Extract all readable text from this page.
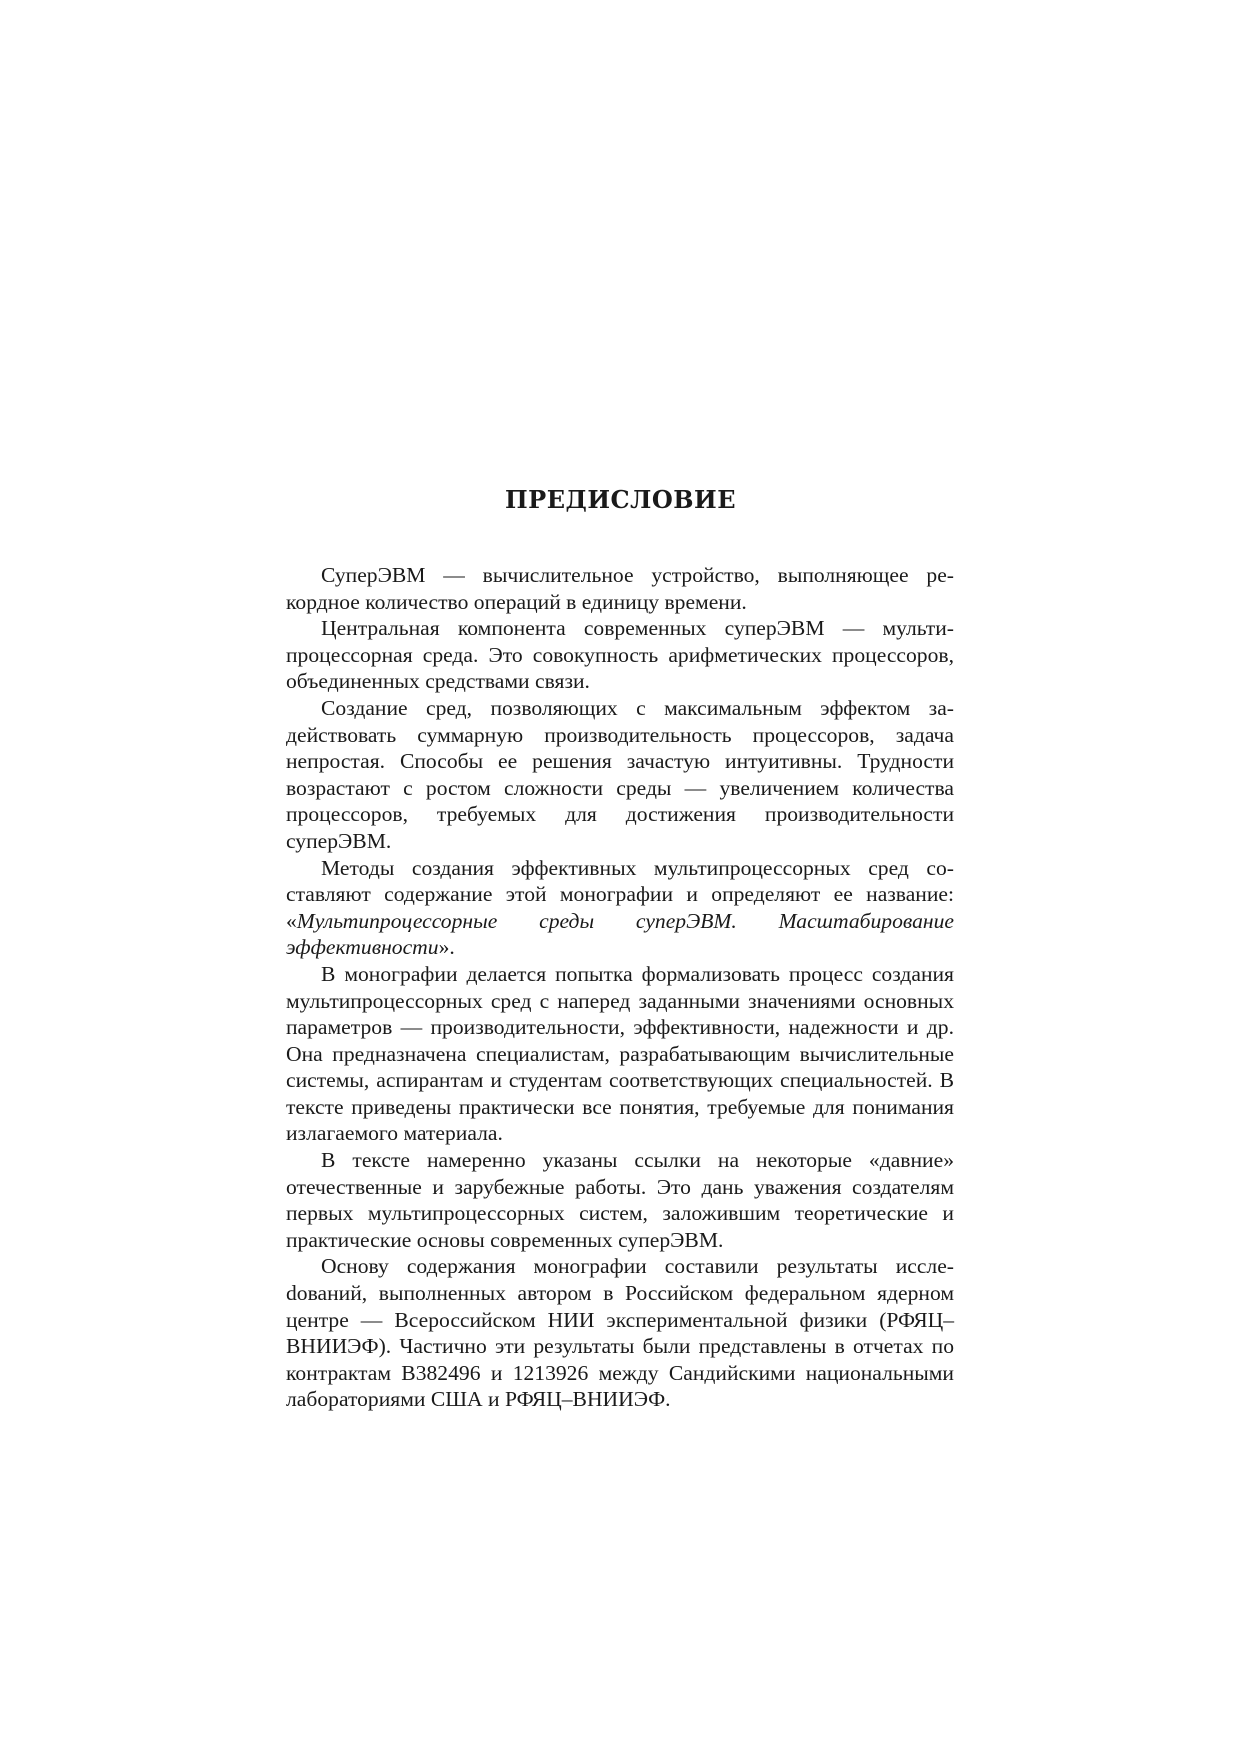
ПРЕДИСЛОВИЕ

СуперЭВМ — вычислительное устройство, выполняющее рекордное количество операций в единицу времени.

Центральная компонента современных суперЭВМ — мультипроцессорная среда. Это совокупность арифметических процессоров, объединенных средствами связи.

Создание сред, позволяющих с максимальным эффектом задействовать суммарную производительность процессоров, задача непростая. Способы ее решения зачастую интуитивны. Трудности возрастают с ростом сложности среды — увеличением количества процессоров, требуемых для достижения производительности суперЭВМ.

Методы создания эффективных мультипроцессорных сред составляют содержание этой монографии и определяют ее название: «Мультипроцессорные среды суперЭВМ. Масштабирование эффективности».

В монографии делается попытка формализовать процесс создания мультипроцессорных сред с наперед заданными значениями основных параметров — производительности, эффективности, надежности и др. Она предназначена специалистам, разрабатывающим вычислительные системы, аспирантам и студентам соответствующих специальностей. В тексте приведены практически все понятия, требуемые для понимания излагаемого материала.

В тексте намеренно указаны ссылки на некоторые «давние» отечественные и зарубежные работы. Это дань уважения создателям первых мультипроцессорных систем, заложившим теоретические и практические основы современных суперЭВМ.

Основу содержания монографии составили результаты исслеdований, выполненных автором в Российском федеральном ядерном центре — Всероссийском НИИ экспериментальной физики (РФЯЦ–ВНИИЭФ). Частично эти результаты были представлены в отчетах по контрактам B382496 и 1213926 между Сандийскими национальными лабораториями США и РФЯЦ–ВНИИЭФ.
